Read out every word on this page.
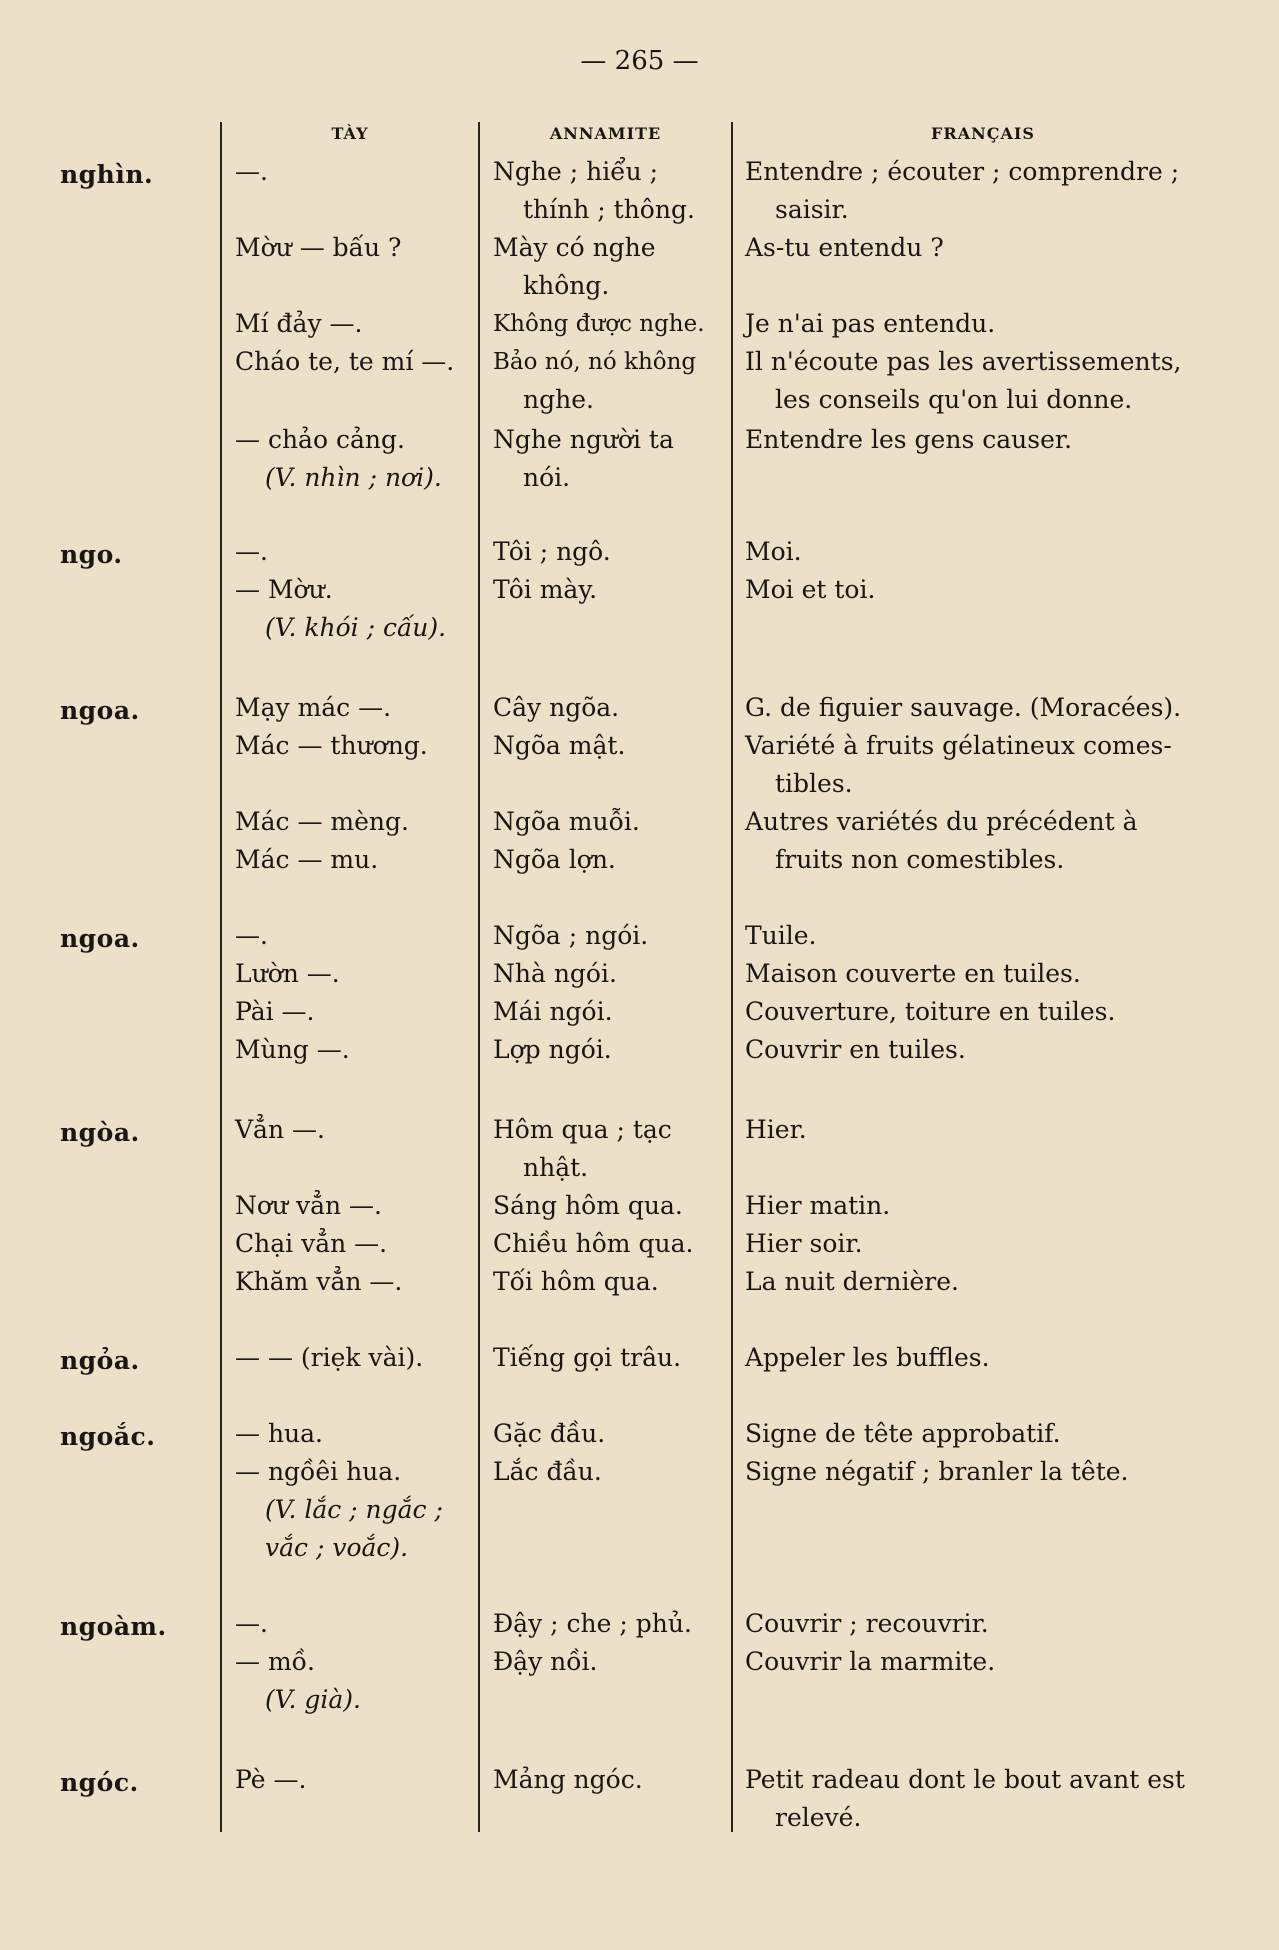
— 265 —
TÀY	ANNAMITE	FRANÇAIS
nghìn.
ngo.
ngoa.
ngoa.
ngòa.
ngỏa.
ngoắc.
ngoàm.
ngóc.
—.
Mờư — bấu ?
Mí đảy —.
Cháo te, te mí —.
— chảo cảng.
(V. nhìn ; nơi).
—.
— Mờư.
(V. khói ; cấu).
Mạy mác —.
Mác — thương.
Mác — mèng.
Mác — mu.
—.
Lườn —.
Pài —.
Mùng —.
Vẳn —.
Nơư vẳn —.
Chại vẳn —.
Khăm vẳn —.
— — (riẹk vài).
— hua.
— ngồêi hua.
(V. lắc ; ngắc ;
vắc ; voắc).
—.
— mồ.
(V. già).
Pè —.
Nghe ; hiểu ;
thính ; thông.
Mày có nghe
không.
Không được nghe.
Bảo nó, nó không
nghe.
Nghe người ta
nói.
Tôi ; ngô.
Tôi mày.
Cây ngõa.
Ngõa mật.
Ngõa muỗi.
Ngõa lợn.
Ngõa ; ngói.
Nhà ngói.
Mái ngói.
Lợp ngói.
Hôm qua ; tạc
nhật.
Sáng hôm qua.
Chiều hôm qua.
Tối hôm qua.
Tiếng gọi trâu.
Gặc đầu.
Lắc đầu.
Đậy ; che ; phủ.
Đậy nồi.
Mảng ngóc.
Entendre ; écouter ; comprendre ;
saisir.
As-tu entendu ?
Je n'ai pas entendu.
Il n'écoute pas les avertissements,
les conseils qu'on lui donne.
Entendre les gens causer.
Moi.
Moi et toi.
G. de figuier sauvage. (Moracées).
Variété à fruits gélatineux comes-
tibles.
Autres variétés du précédent à
fruits non comestibles.
Tuile.
Maison couverte en tuiles.
Couverture, toiture en tuiles.
Couvrir en tuiles.
Hier.
Hier matin.
Hier soir.
La nuit dernière.
Appeler les buffles.
Signe de tête approbatif.
Signe négatif ; branler la tête.
Couvrir ; recouvrir.
Couvrir la marmite.
Petit radeau dont le bout avant est
relevé.
